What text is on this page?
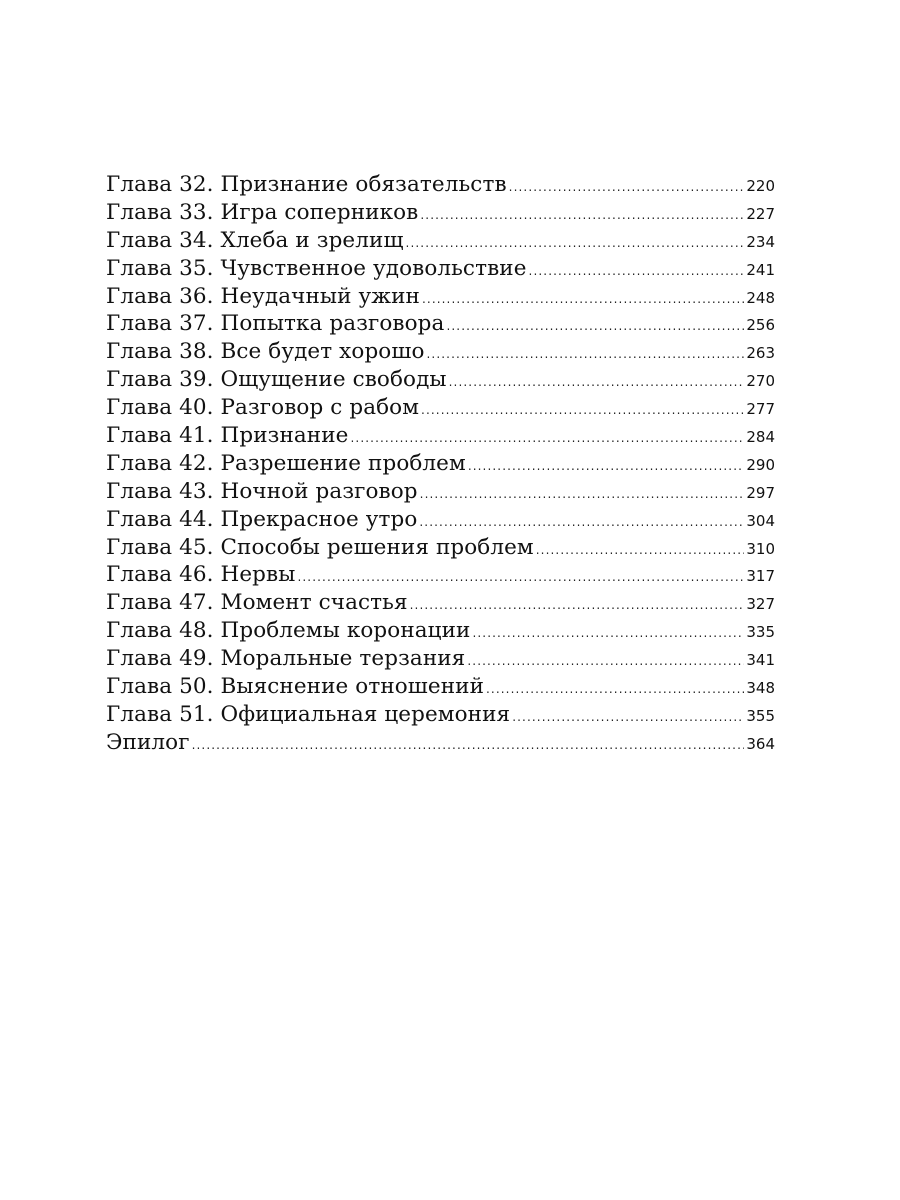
Глава 32. Признание обязательств .....	220
Глава 33. Игра соперников .....	227
Глава 34. Хлеба и зрелищ .....	234
Глава 35. Чувственное удовольствие .....	241
Глава 36. Неудачный ужин .....	248
Глава 37. Попытка разговора .....	256
Глава 38. Все будет хорошо .....	263
Глава 39. Ощущение свободы .....	270
Глава 40. Разговор с рабом .....	277
Глава 41. Признание .....	284
Глава 42. Разрешение проблем .....	290
Глава 43. Ночной разговор .....	297
Глава 44. Прекрасное утро .....	304
Глава 45. Способы решения проблем .....	310
Глава 46. Нервы .....	317
Глава 47. Момент счастья .....	327
Глава 48. Проблемы коронации .....	335
Глава 49. Моральные терзания .....	341
Глава 50. Выяснение отношений .....	348
Глава 51. Официальная церемония .....	355
Эпилог .....	364
